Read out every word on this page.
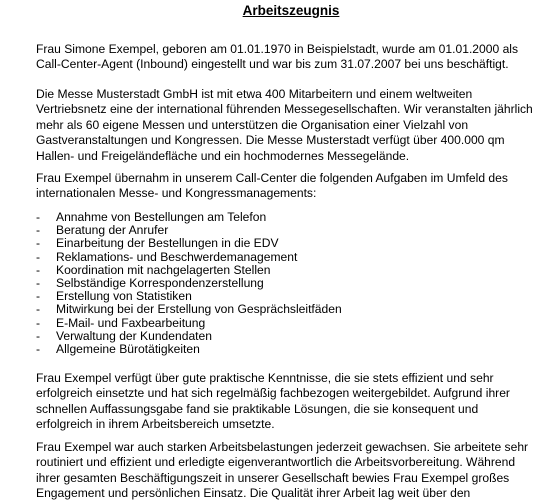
Arbeitszeugnis

Frau Simone Exempel, geboren am 01.01.1970 in Beispielstadt, wurde am 01.01.2000 als
Call-Center-Agent (Inbound) eingestellt und war bis zum 31.07.2007 bei uns beschäftigt.

Die Messe Musterstadt GmbH ist mit etwa 400 Mitarbeitern und einem weltweiten
Vertriebsnetz eine der international führenden Messegesellschaften. Wir veranstalten jährlich
mehr als 60 eigene Messen und unterstützen die Organisation einer Vielzahl von
Gastveranstaltungen und Kongressen. Die Messe Musterstadt verfügt über 400.000 qm
Hallen- und Freigeländefläche und ein hochmodernes Messegelände.

Frau Exempel übernahm in unserem Call-Center die folgenden Aufgaben im Umfeld des
internationalen Messe- und Kongressmanagements:

-	Annahme von Bestellungen am Telefon
-	Beratung der Anrufer
-	Einarbeitung der Bestellungen in die EDV
-	Reklamations- und Beschwerdemanagement
-	Koordination mit nachgelagerten Stellen
-	Selbständige Korrespondenzerstellung
-	Erstellung von Statistiken
-	Mitwirkung bei der Erstellung von Gesprächsleitfäden
-	E-Mail- und Faxbearbeitung
-	Verwaltung der Kundendaten
-	Allgemeine Bürotätigkeiten

Frau Exempel verfügt über gute praktische Kenntnisse, die sie stets effizient und sehr
erfolgreich einsetzte und hat sich regelmäßig fachbezogen weitergebildet. Aufgrund ihrer
schnellen Auffassungsgabe fand sie praktikable Lösungen, die sie konsequent und
erfolgreich in ihrem Arbeitsbereich umsetzte.

Frau Exempel war auch starken Arbeitsbelastungen jederzeit gewachsen. Sie arbeitete sehr
routiniert und effizient und erledigte eigenverantwortlich die Arbeitsvorbereitung. Während
ihrer gesamten Beschäftigungszeit in unserer Gesellschaft bewies Frau Exempel großes
Engagement und persönlichen Einsatz. Die Qualität ihrer Arbeit lag weit über den
